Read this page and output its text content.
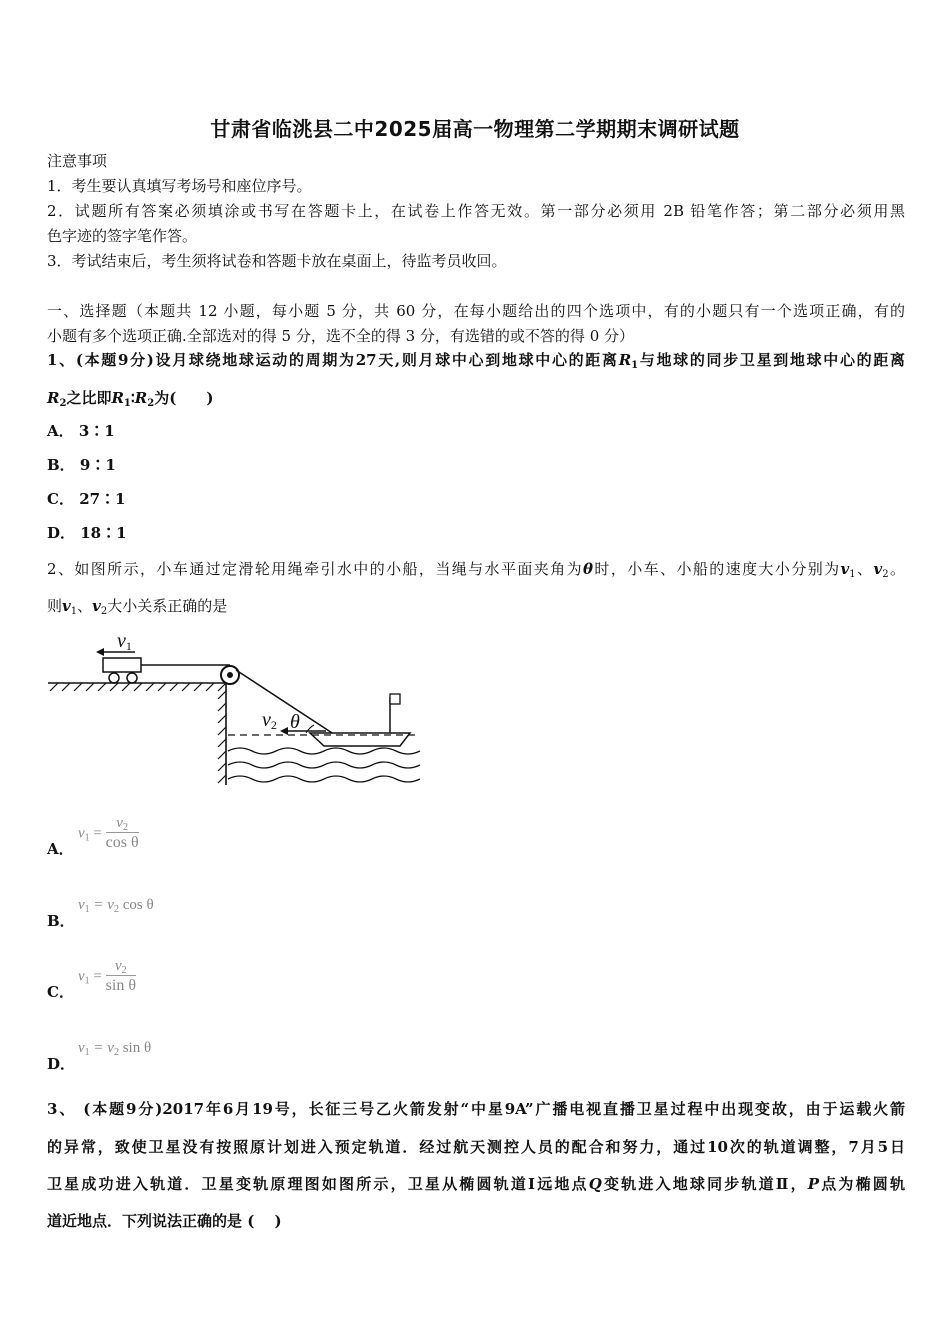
甘肃省临洮县二中2025届高一物理第二学期期末调研试题
注意事项
1．考生要认真填写考场号和座位序号。
2．试题所有答案必须填涂或书写在答题卡上，在试卷上作答无效。第一部分必须用 2B 铅笔作答；第二部分必须用黑
色字迹的签字笔作答。
3．考试结束后，考生须将试卷和答题卡放在桌面上，待监考员收回。
一、选择题（本题共 12 小题，每小题 5 分，共 60 分，在每小题给出的四个选项中，有的小题只有一个选项正确，有的
小题有多个选项正确.全部选对的得 5 分，选不全的得 3 分，有选错的或不答的得 0 分）
1、(本题9分)设月球绕地球运动的周期为27天,则月球中心到地球中心的距离$R_1$与地球的同步卫星到地球中心的距离
$R_2$之比即$R_1∶R_2$为(　　)
A． 3∶1
B． 9∶1
C． 27∶1
D． 18∶1
2、如图所示，小车通过定滑轮用绳牵引水中的小船，当绳与水平面夹角为θ时，小车、小船的速度大小分别为$v_1$、$v_2$。
则$v_1$、$v_2$大小关系正确的是
v1
v2 θ
A．
$v_1 = \frac{v_2}{\text{cos θ}}$
B．
$v_1 = v_2$ cos θ
C．
$v_1 = \frac{v_2}{\text{sin θ}}$
D．
$v_1 = v_2$ sin θ
3、 (本题9分)2017年6月19号，长征三号乙火箭发射“中星9A”广播电视直播卫星过程中出现变故，由于运载火箭
的异常，致使卫星没有按照原计划进入预定轨道．经过航天测控人员的配合和努力，通过10次的轨道调整，7月5日
卫星成功进入轨道．卫星变轨原理图如图所示，卫星从椭圆轨道Ⅰ远地点Q变轨进入地球同步轨道Ⅱ，P点为椭圆轨
道近地点．下列说法正确的是 (　 )
